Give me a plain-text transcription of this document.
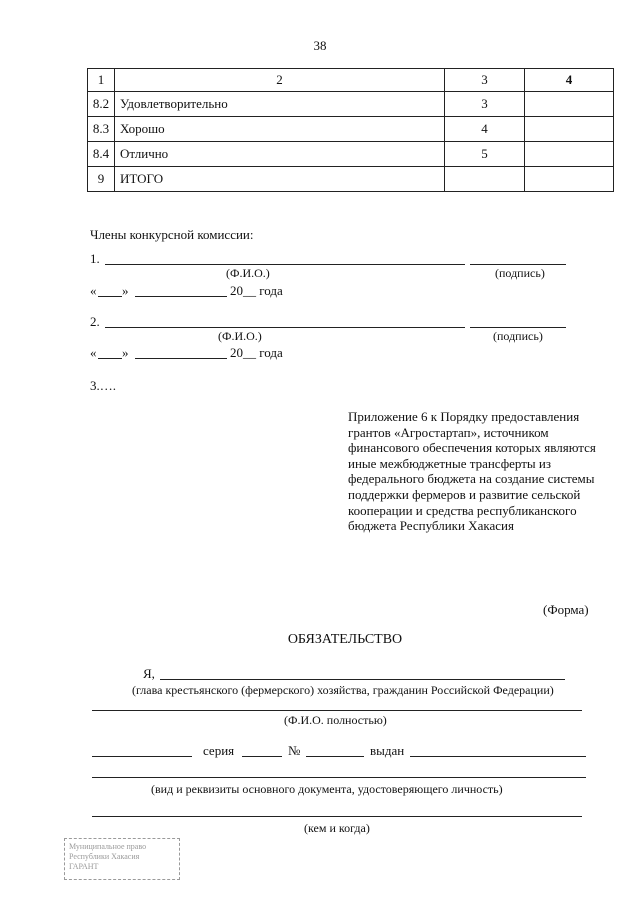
38
1	2	3	4
8.2	Удовлетворительно	3	
8.3	Хорошо	4	
8.4	Отлично	5	
9	ИТОГО		
Члены конкурсной комиссии:
1.
(Ф.И.О.)	(подпись)
« »	20__ года
2.
(Ф.И.О.)	(подпись)
« »	20__ года
3.….
Приложение 6 к Порядку предоставления грантов «Агростартап», источником финансового обеспечения которых являются иные межбюджетные трансферты из федерального бюджета на создание системы поддержки фермеров и развитие сельской кооперации и средства республиканского бюджета Республики Хакасия
(Форма)
ОБЯЗАТЕЛЬСТВО
Я,
(глава крестьянского (фермерского) хозяйства, гражданин Российской Федерации)
(Ф.И.О. полностью)
серия	№	выдан
(вид и реквизиты основного документа, удостоверяющего личность)
(кем и когда)
Муниципальное право
Республики Хакасия
ГАРАНТ
